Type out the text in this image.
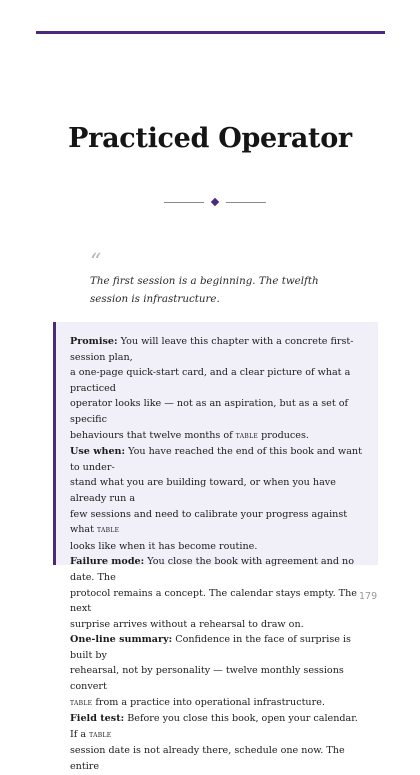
Practiced Operator
“
The first session is a beginning. The twelfth session is infrastructure.

Promise: You will leave this chapter with a concrete first-session plan,
a one-page quick-start card, and a clear picture of what a practiced
operator looks like — not as an aspiration, but as a set of specific
behaviours that twelve months of table produces.
Use when: You have reached the end of this book and want to under-
stand what you are building toward, or when you have already run a
few sessions and need to calibrate your progress against what table
looks like when it has become routine.
Failure mode: You close the book with agreement and no date. The
protocol remains a concept. The calendar stays empty. The next
surprise arrives without a rehearsal to draw on.
One-line summary: Confidence in the face of surprise is built by
rehearsal, not by personality — twelve monthly sessions convert
table from a practice into operational infrastructure.
Field test: Before you close this book, open your calendar. If a table
session date is not already there, schedule one now. The entire

179
